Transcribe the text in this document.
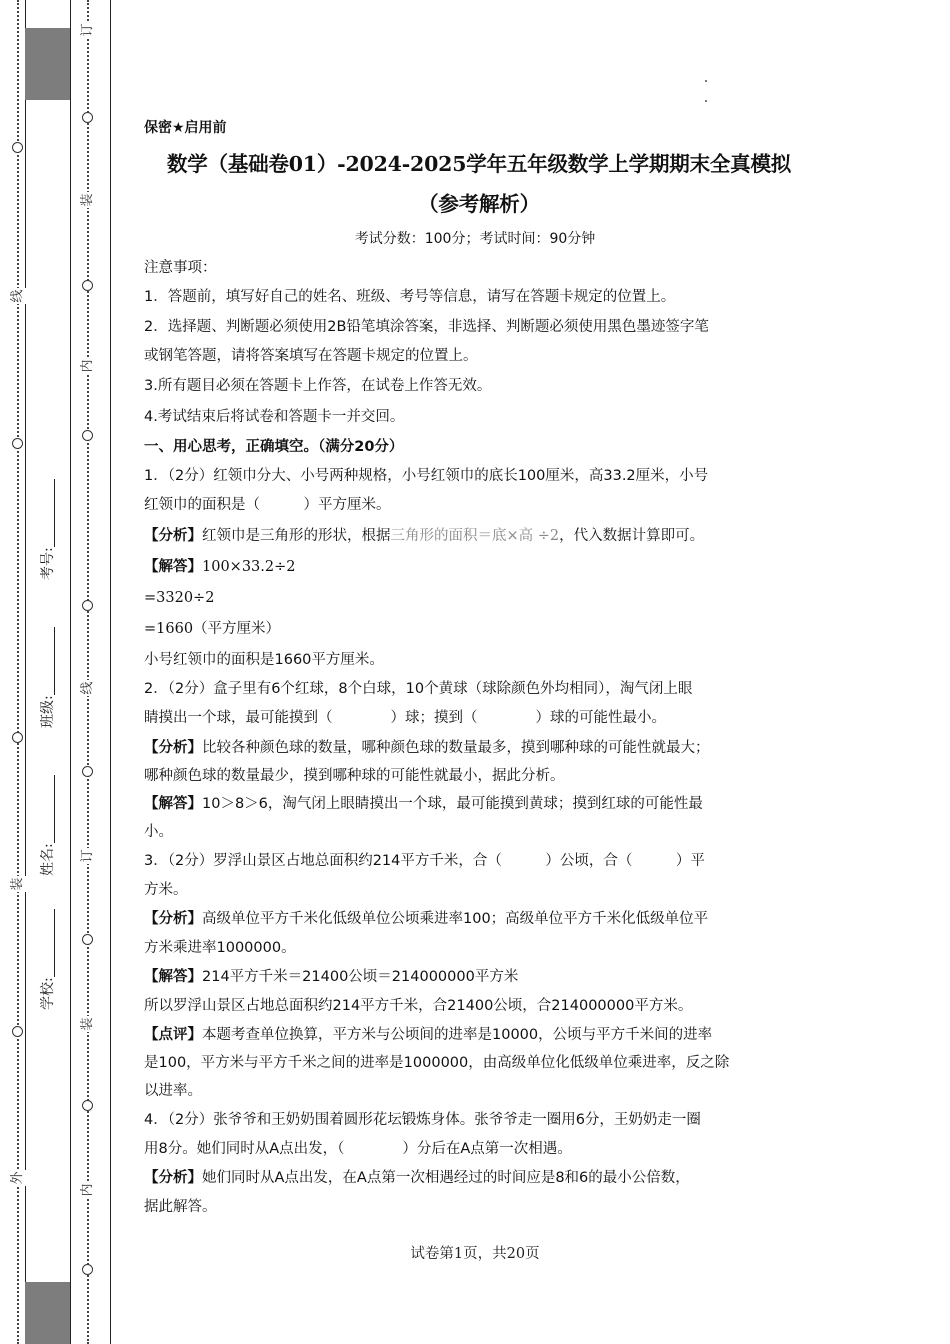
线
装
外
订
装
内
线
订
装
内
考号:
班级:
姓名:
学校:
保密★启用前
数学（基础卷01）-2024-2025学年五年级数学上学期期末全真模拟
（参考解析）
考试分数：100分；考试时间：90分钟
注意事项：
1．答题前，填写好自己的姓名、班级、考号等信息，请写在答题卡规定的位置上。
2．选择题、判断题必须使用2B铅笔填涂答案，非选择、判断题必须使用黑色墨迹签字笔
或钢笔答题，请将答案填写在答题卡规定的位置上。
3.所有题目必须在答题卡上作答，在试卷上作答无效。
4.考试结束后将试卷和答题卡一并交回。
一、用心思考，正确填空。（满分20分）
1．（2分）红领巾分大、小号两种规格，小号红领巾的底长100厘米，高33.2厘米，小号
红领巾的面积是（　　　）平方厘米。
【分析】红领巾是三角形的形状，根据三角形的面积＝底×高 ÷2，代入数据计算即可。
【解答】100×33.2÷2
=3320÷2
=1660（平方厘米）
小号红领巾的面积是1660平方厘米。
2．（2分）盒子里有6个红球，8个白球，10个黄球（球除颜色外均相同），淘气闭上眼
睛摸出一个球，最可能摸到（　　　　）球；摸到（　　　　）球的可能性最小。
【分析】比较各种颜色球的数量，哪种颜色球的数量最多，摸到哪种球的可能性就最大；
哪种颜色球的数量最少，摸到哪种球的可能性就最小，据此分析。
【解答】10＞8＞6，淘气闭上眼睛摸出一个球，最可能摸到黄球；摸到红球的可能性最
小。
3．（2分）罗浮山景区占地总面积约214平方千米，合（　　　）公顷，合（　　　）平
方米。
【分析】高级单位平方千米化低级单位公顷乘进率100；高级单位平方千米化低级单位平
方米乘进率1000000。
【解答】214平方千米＝21400公顷＝214000000平方米
所以罗浮山景区占地总面积约214平方千米，合21400公顷，合214000000平方米。
【点评】本题考查单位换算，平方米与公顷间的进率是10000，公顷与平方千米间的进率
是100，平方米与平方千米之间的进率是1000000，由高级单位化低级单位乘进率，反之除
以进率。
4．（2分）张爷爷和王奶奶围着圆形花坛锻炼身体。张爷爷走一圈用6分，王奶奶走一圈
用8分。她们同时从A点出发，（　　　　）分后在A点第一次相遇。
【分析】她们同时从A点出发，在A点第一次相遇经过的时间应是8和6的最小公倍数，
据此解答。
试卷第1页，共20页
